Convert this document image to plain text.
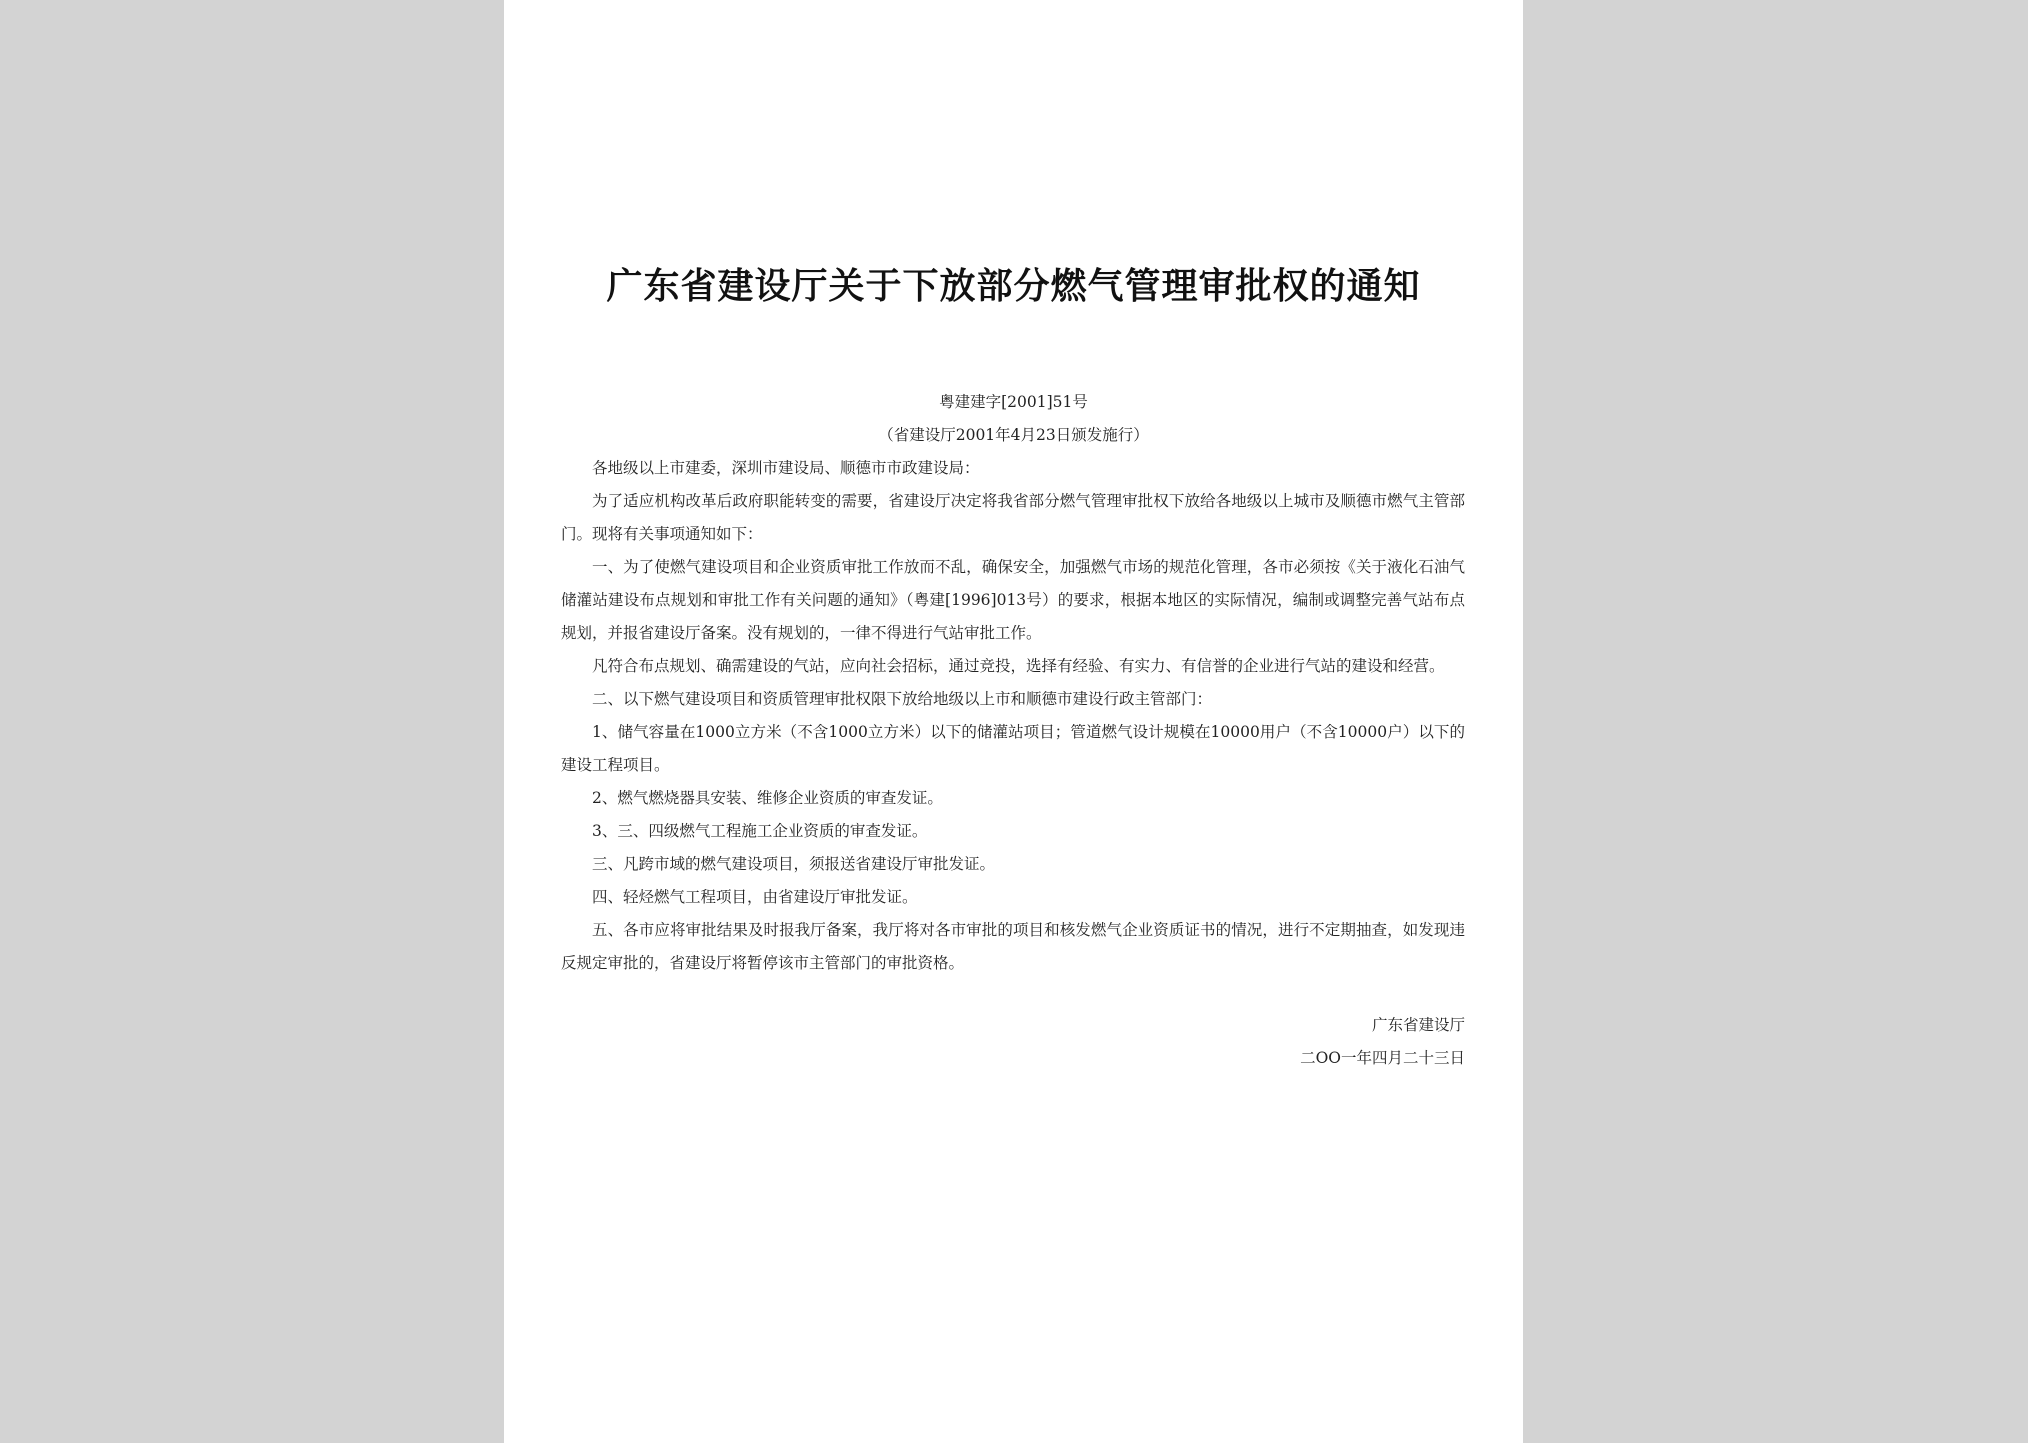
广东省建设厅关于下放部分燃气管理审批权的通知
粤建建字[2001]51号
（省建设厅2001年4月23日颁发施行）

各地级以上市建委，深圳市建设局、顺德市市政建设局：

为了适应机构改革后政府职能转变的需要，省建设厅决定将我省部分燃气管理审批权下放给各地级以上城市及顺德市燃气主管部门。现将有关事项通知如下：

一、为了使燃气建设项目和企业资质审批工作放而不乱，确保安全，加强燃气市场的规范化管理，各市必须按《关于液化石油气储灌站建设布点规划和审批工作有关问题的通知》（粤建[1996]013号）的要求，根据本地区的实际情况，编制或调整完善气站布点规划，并报省建设厅备案。没有规划的，一律不得进行气站审批工作。

凡符合布点规划、确需建设的气站，应向社会招标，通过竞投，选择有经验、有实力、有信誉的企业进行气站的建设和经营。

二、以下燃气建设项目和资质管理审批权限下放给地级以上市和顺德市建设行政主管部门：

1、储气容量在1000立方米（不含1000立方米）以下的储灌站项目；管道燃气设计规模在10000用户（不含10000户）以下的建设工程项目。

2、燃气燃烧器具安装、维修企业资质的审查发证。

3、三、四级燃气工程施工企业资质的审查发证。

三、凡跨市域的燃气建设项目，须报送省建设厅审批发证。

四、轻烃燃气工程项目，由省建设厅审批发证。

五、各市应将审批结果及时报我厅备案，我厅将对各市审批的项目和核发燃气企业资质证书的情况，进行不定期抽查，如发现违反规定审批的，省建设厅将暂停该市主管部门的审批资格。

广东省建设厅
二OO一年四月二十三日
